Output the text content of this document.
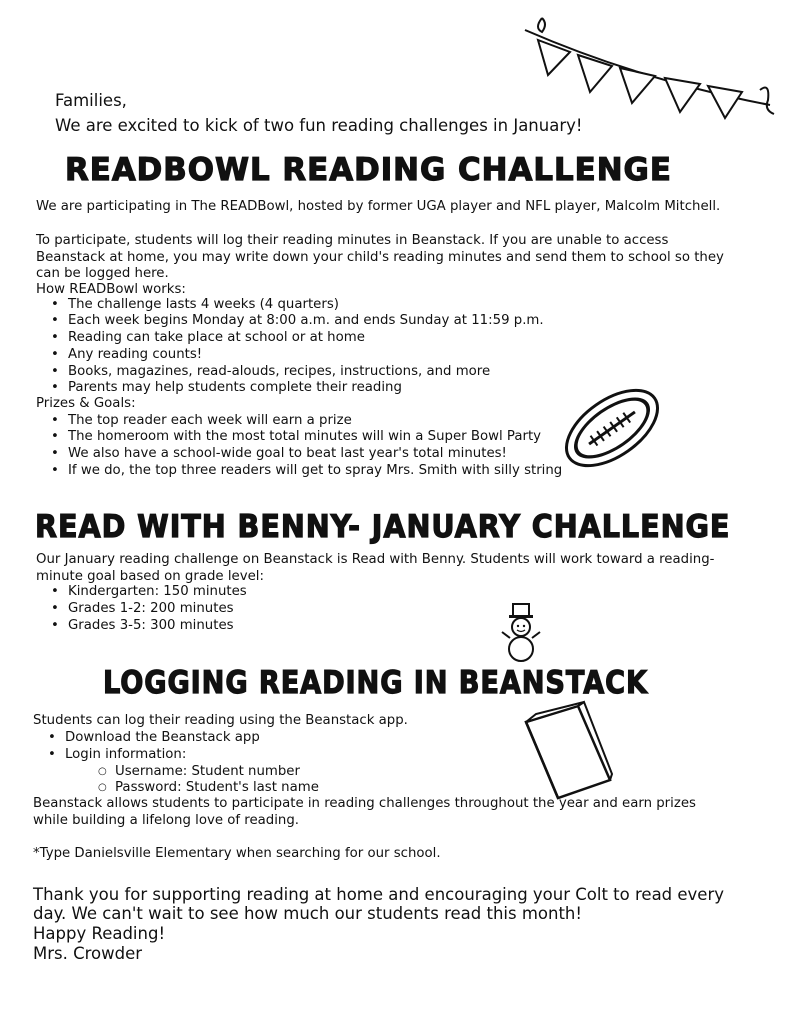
Families,
We are excited to kick of two fun reading challenges in January!
READBOWL READING CHALLENGE
We are participating in The READBowl, hosted by former UGA player and NFL player, Malcolm Mitchell.
To participate, students will log their reading minutes in Beanstack. If you are unable to access
Beanstack at home, you may write down your child's reading minutes and send them to school so they
can be logged here.
How READBowl works:
• The challenge lasts 4 weeks (4 quarters)
• Each week begins Monday at 8:00 a.m. and ends Sunday at 11:59 p.m.
• Reading can take place at school or at home
• Any reading counts!
• Books, magazines, read-alouds, recipes, instructions, and more
• Parents may help students complete their reading
Prizes & Goals:
• The top reader each week will earn a prize
• The homeroom with the most total minutes will win a Super Bowl Party
• We also have a school-wide goal to beat last year's total minutes!
• If we do, the top three readers will get to spray Mrs. Smith with silly string
READ WITH BENNY- JANUARY CHALLENGE
Our January reading challenge on Beanstack is Read with Benny. Students will work toward a reading-
minute goal based on grade level:
• Kindergarten: 150 minutes
• Grades 1-2: 200 minutes
• Grades 3-5: 300 minutes
LOGGING READING IN BEANSTACK
Students can log their reading using the Beanstack app.
• Download the Beanstack app
• Login information:
○ Username: Student number
○ Password: Student's last name
Beanstack allows students to participate in reading challenges throughout the year and earn prizes
while building a lifelong love of reading.
*Type Danielsville Elementary when searching for our school.
Thank you for supporting reading at home and encouraging your Colt to read every
day. We can't wait to see how much our students read this month!
Happy Reading!
Mrs. Crowder
